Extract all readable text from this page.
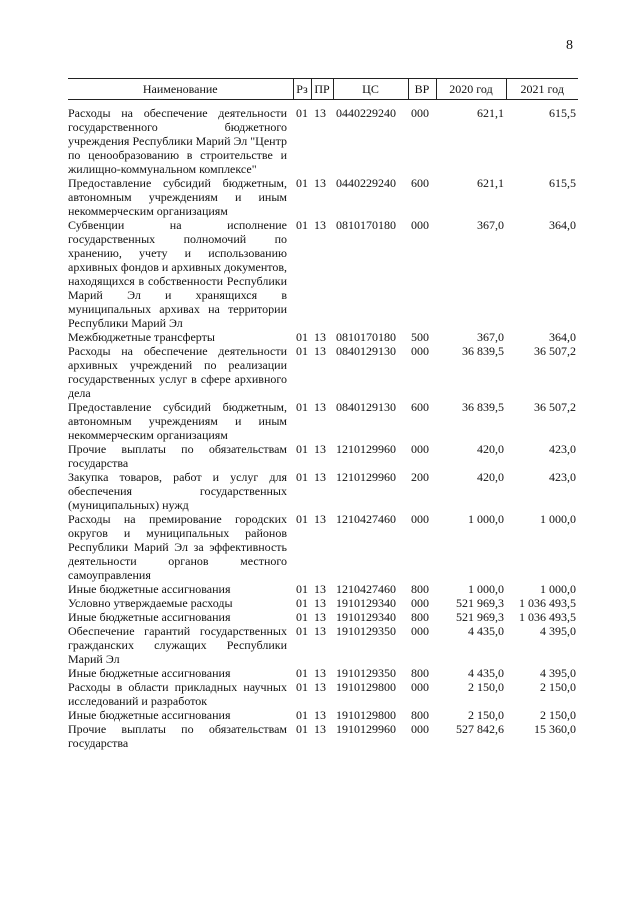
8
Наименование	Рз	ПР	ЦС	ВР	2020 год	2021 год
Расходы на обеспечение деятельности государственного бюджетного учреждения Республики Марий Эл "Центр по ценообразованию в строительстве и жилищно-коммунальном комплексе"	01	13	0440229240	000	621,1	615,5
Предоставление субсидий бюджетным, автономным учреждениям и иным некоммерческим организациям	01	13	0440229240	600	621,1	615,5
Субвенции на исполнение государственных полномочий по хранению, учету и использованию архивных фондов и архивных документов, находящихся в собственности Республики Марий Эл и хранящихся в муниципальных архивах на территории Республики Марий Эл	01	13	0810170180	000	367,0	364,0
Межбюджетные трансферты	01	13	0810170180	500	367,0	364,0
Расходы на обеспечение деятельности архивных учреждений по реализации государственных услуг в сфере архивного дела	01	13	0840129130	000	36 839,5	36 507,2
Предоставление субсидий бюджетным, автономным учреждениям и иным некоммерческим организациям	01	13	0840129130	600	36 839,5	36 507,2
Прочие выплаты по обязательствам государства	01	13	1210129960	000	420,0	423,0
Закупка товаров, работ и услуг для обеспечения государственных (муниципальных) нужд	01	13	1210129960	200	420,0	423,0
Расходы на премирование городских округов и муниципальных районов Республики Марий Эл за эффективность деятельности органов местного самоуправления	01	13	1210427460	000	1 000,0	1 000,0
Иные бюджетные ассигнования	01	13	1210427460	800	1 000,0	1 000,0
Условно утверждаемые расходы	01	13	1910129340	000	521 969,3	1 036 493,5
Иные бюджетные ассигнования	01	13	1910129340	800	521 969,3	1 036 493,5
Обеспечение гарантий государственных гражданских служащих Республики Марий Эл	01	13	1910129350	000	4 435,0	4 395,0
Иные бюджетные ассигнования	01	13	1910129350	800	4 435,0	4 395,0
Расходы в области прикладных научных исследований и разработок	01	13	1910129800	000	2 150,0	2 150,0
Иные бюджетные ассигнования	01	13	1910129800	800	2 150,0	2 150,0
Прочие выплаты по обязательствам государства	01	13	1910129960	000	527 842,6	15 360,0
